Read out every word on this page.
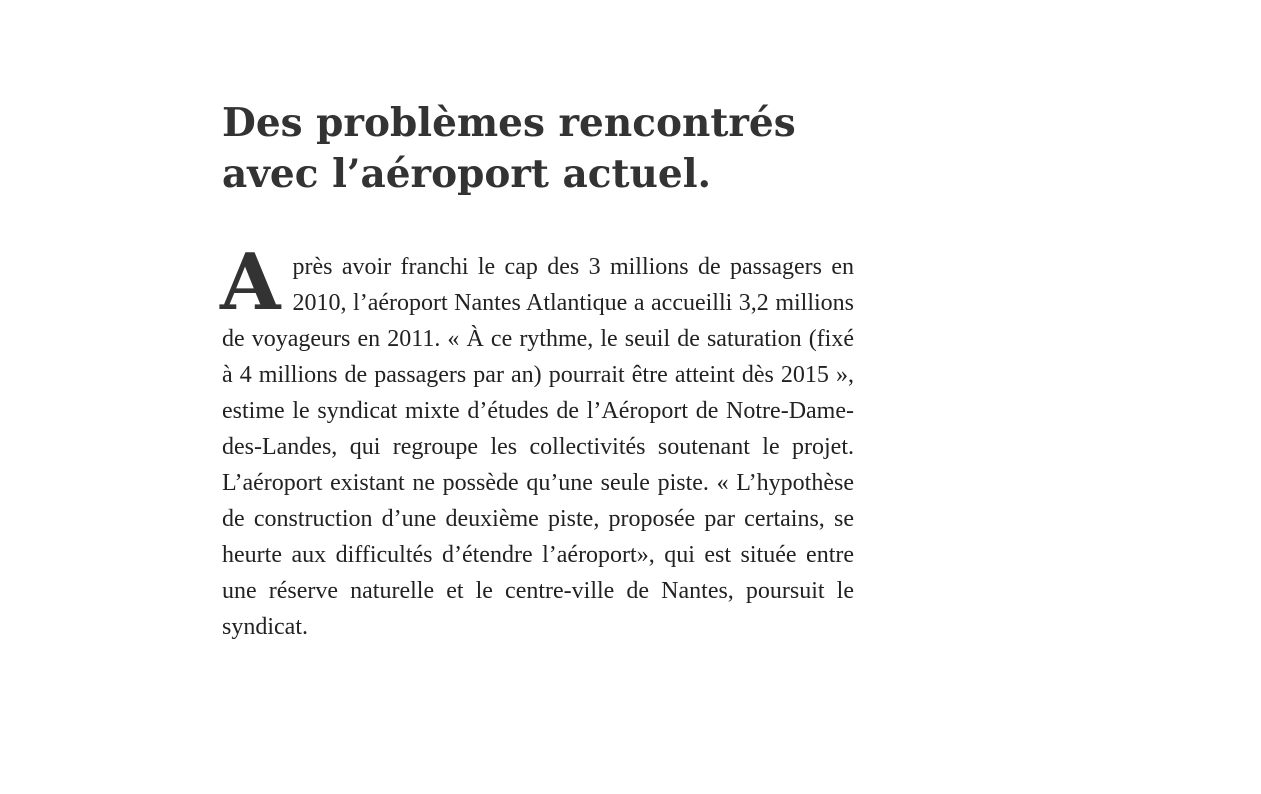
Des problèmes rencontrés
avec l’aéroport actuel.

Après avoir franchi le cap des 3 millions de passagers en 2010, l’aéroport Nantes Atlantique a accueilli 3,2 millions de voyageurs en 2011. « À ce rythme, le seuil de saturation (fixé à 4 millions de passagers par an) pourrait être atteint dès 2015 », estime le syndicat mixte d’études de l’Aéroport de Notre-Dame-des-Landes, qui regroupe les collectivités soutenant le projet. L’aéroport existant ne possède qu’une seule piste. « L’hypothèse de construction d’une deuxième piste, proposée par certains, se heurte aux difficultés d’étendre l’aéroport», qui est située entre une réserve naturelle et le centre-ville de Nantes, poursuit le syndicat.
